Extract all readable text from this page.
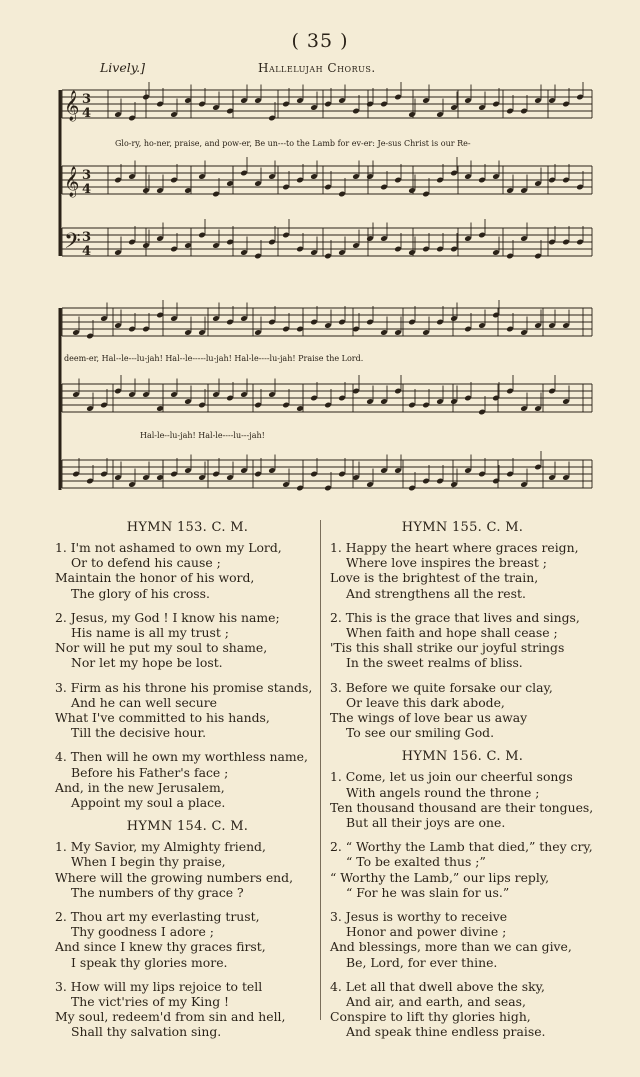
( 35 )
Lively.]	Hallelujah Chorus.
𝄞 3
4
𝄞 3
4
𝄢 3
4
Glo-ry, ho-ner, praise, and pow-er, Be un---to the Lamb for ev-er: Je-sus Christ is our Re-
deem-er, Hal--le---lu-jah! Hal--le-----lu-jah! Hal-le----lu-jah! Praise the Lord.
Hal-le--lu-jah! Hal-le----lu---jah!
HYMN 153. C. M.
1. I'm not ashamed to own my Lord,
Or to defend his cause ;
Maintain the honor of his word,
The glory of his cross.
2. Jesus, my God ! I know his name;
His name is all my trust ;
Nor will he put my soul to shame,
Nor let my hope be lost.
3. Firm as his throne his promise stands,
And he can well secure
What I've committed to his hands,
Till the decisive hour.
4. Then will he own my worthless name,
Before his Father's face ;
And, in the new Jerusalem,
Appoint my soul a place.
HYMN 154. C. M.
1. My Savior, my Almighty friend,
When I begin thy praise,
Where will the growing numbers end,
The numbers of thy grace ?
2. Thou art my everlasting trust,
Thy goodness I adore ;
And since I knew thy graces first,
I speak thy glories more.
3. How will my lips rejoice to tell
The vict'ries of my King !
My soul, redeem'd from sin and hell,
Shall thy salvation sing.
HYMN 155. C. M.
1. Happy the heart where graces reign,
Where love inspires the breast ;
Love is the brightest of the train,
And strengthens all the rest.
2. This is the grace that lives and sings,
When faith and hope shall cease ;
'Tis this shall strike our joyful strings
In the sweet realms of bliss.
3. Before we quite forsake our clay,
Or leave this dark abode,
The wings of love bear us away
To see our smiling God.
HYMN 156. C. M.
1. Come, let us join our cheerful songs
With angels round the throne ;
Ten thousand thousand are their tongues,
But all their joys are one.
2. “ Worthy the Lamb that died,” they cry,
“ To be exalted thus ;”
“ Worthy the Lamb,” our lips reply,
“ For he was slain for us.”
3. Jesus is worthy to receive
Honor and power divine ;
And blessings, more than we can give,
Be, Lord, for ever thine.
4. Let all that dwell above the sky,
And air, and earth, and seas,
Conspire to lift thy glories high,
And speak thine endless praise.
